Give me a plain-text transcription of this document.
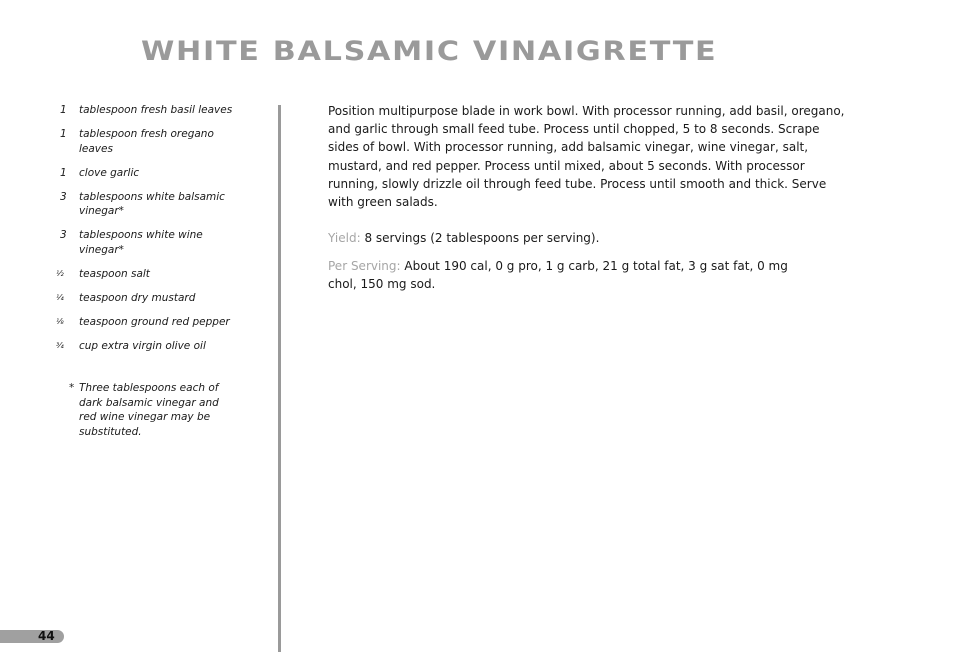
WHITE BALSAMIC VINAIGRETTE
1	tablespoon fresh basil leaves
1	tablespoon fresh oregano leaves
1	clove garlic
3	tablespoons white balsamic vinegar*
3	tablespoons white wine vinegar*
¹⁄₂	teaspoon salt
¹⁄₄	teaspoon dry mustard
¹⁄₈	teaspoon ground red pepper
³⁄₄	cup extra virgin olive oil
* Three tablespoons each of dark balsamic vinegar and red wine vinegar may be substituted.

Position multipurpose blade in work bowl. With processor running, add basil, oregano, and garlic through small feed tube. Process until chopped, 5 to 8 seconds. Scrape sides of bowl. With processor running, add balsamic vinegar, wine vinegar, salt, mustard, and red pepper. Process until mixed, about 5 seconds. With processor running, slowly drizzle oil through feed tube. Process until smooth and thick. Serve with green salads.

Yield: 8 servings (2 tablespoons per serving).

Per Serving: About 190 cal, 0 g pro, 1 g carb, 21 g total fat, 3 g sat fat, 0 mg chol, 150 mg sod.

44
